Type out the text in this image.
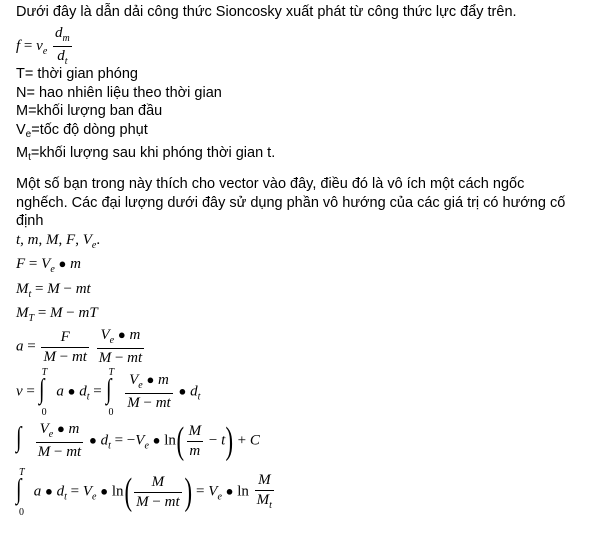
Dưới đây là dẫn dải công thức Sioncosky xuất phát từ công thức lực đẩy trên.
$f = v_e \frac{d_m}{d_t}$
T= thời gian phóng
N= hao nhiên liệu theo thời gian
M=khối lượng ban đầu
$V_e=tốc$ độ dòng phụt
$M_t=khối$ lượng sau khi phóng thời gian t.
Một số bạn trong này thích cho vector vào đây, điều đó là vô ích một cách ngốc nghếch. Các đại lượng dưới đây sử dụng phần vô hướng của các giá trị có hướng cố định
t, m, M, F, $V_e$.
$F = V_e$ ● m
$M_t = M$ − mt
$M_T = M$ − mT
$a = \frac{F}{M - mt}$
$\frac{V_e ● m}{M - mt}$
v =
T
∫
0
a ● $d_t$ =
T
∫
0

$\frac{V_e ● m}{M - mt}$ ● $d_t$
∫
$\frac{V_e ● m}{M - mt}$ ● $d_t = -V_e$ ● $\ln( \frac{M}{m} - t) + C$
T
∫
0
a ● $d_t = V_e$ ● $\ln( \frac{M}{M - mt}$ ) = $V_e$ ● $\ln \frac{M}{M_t}$
